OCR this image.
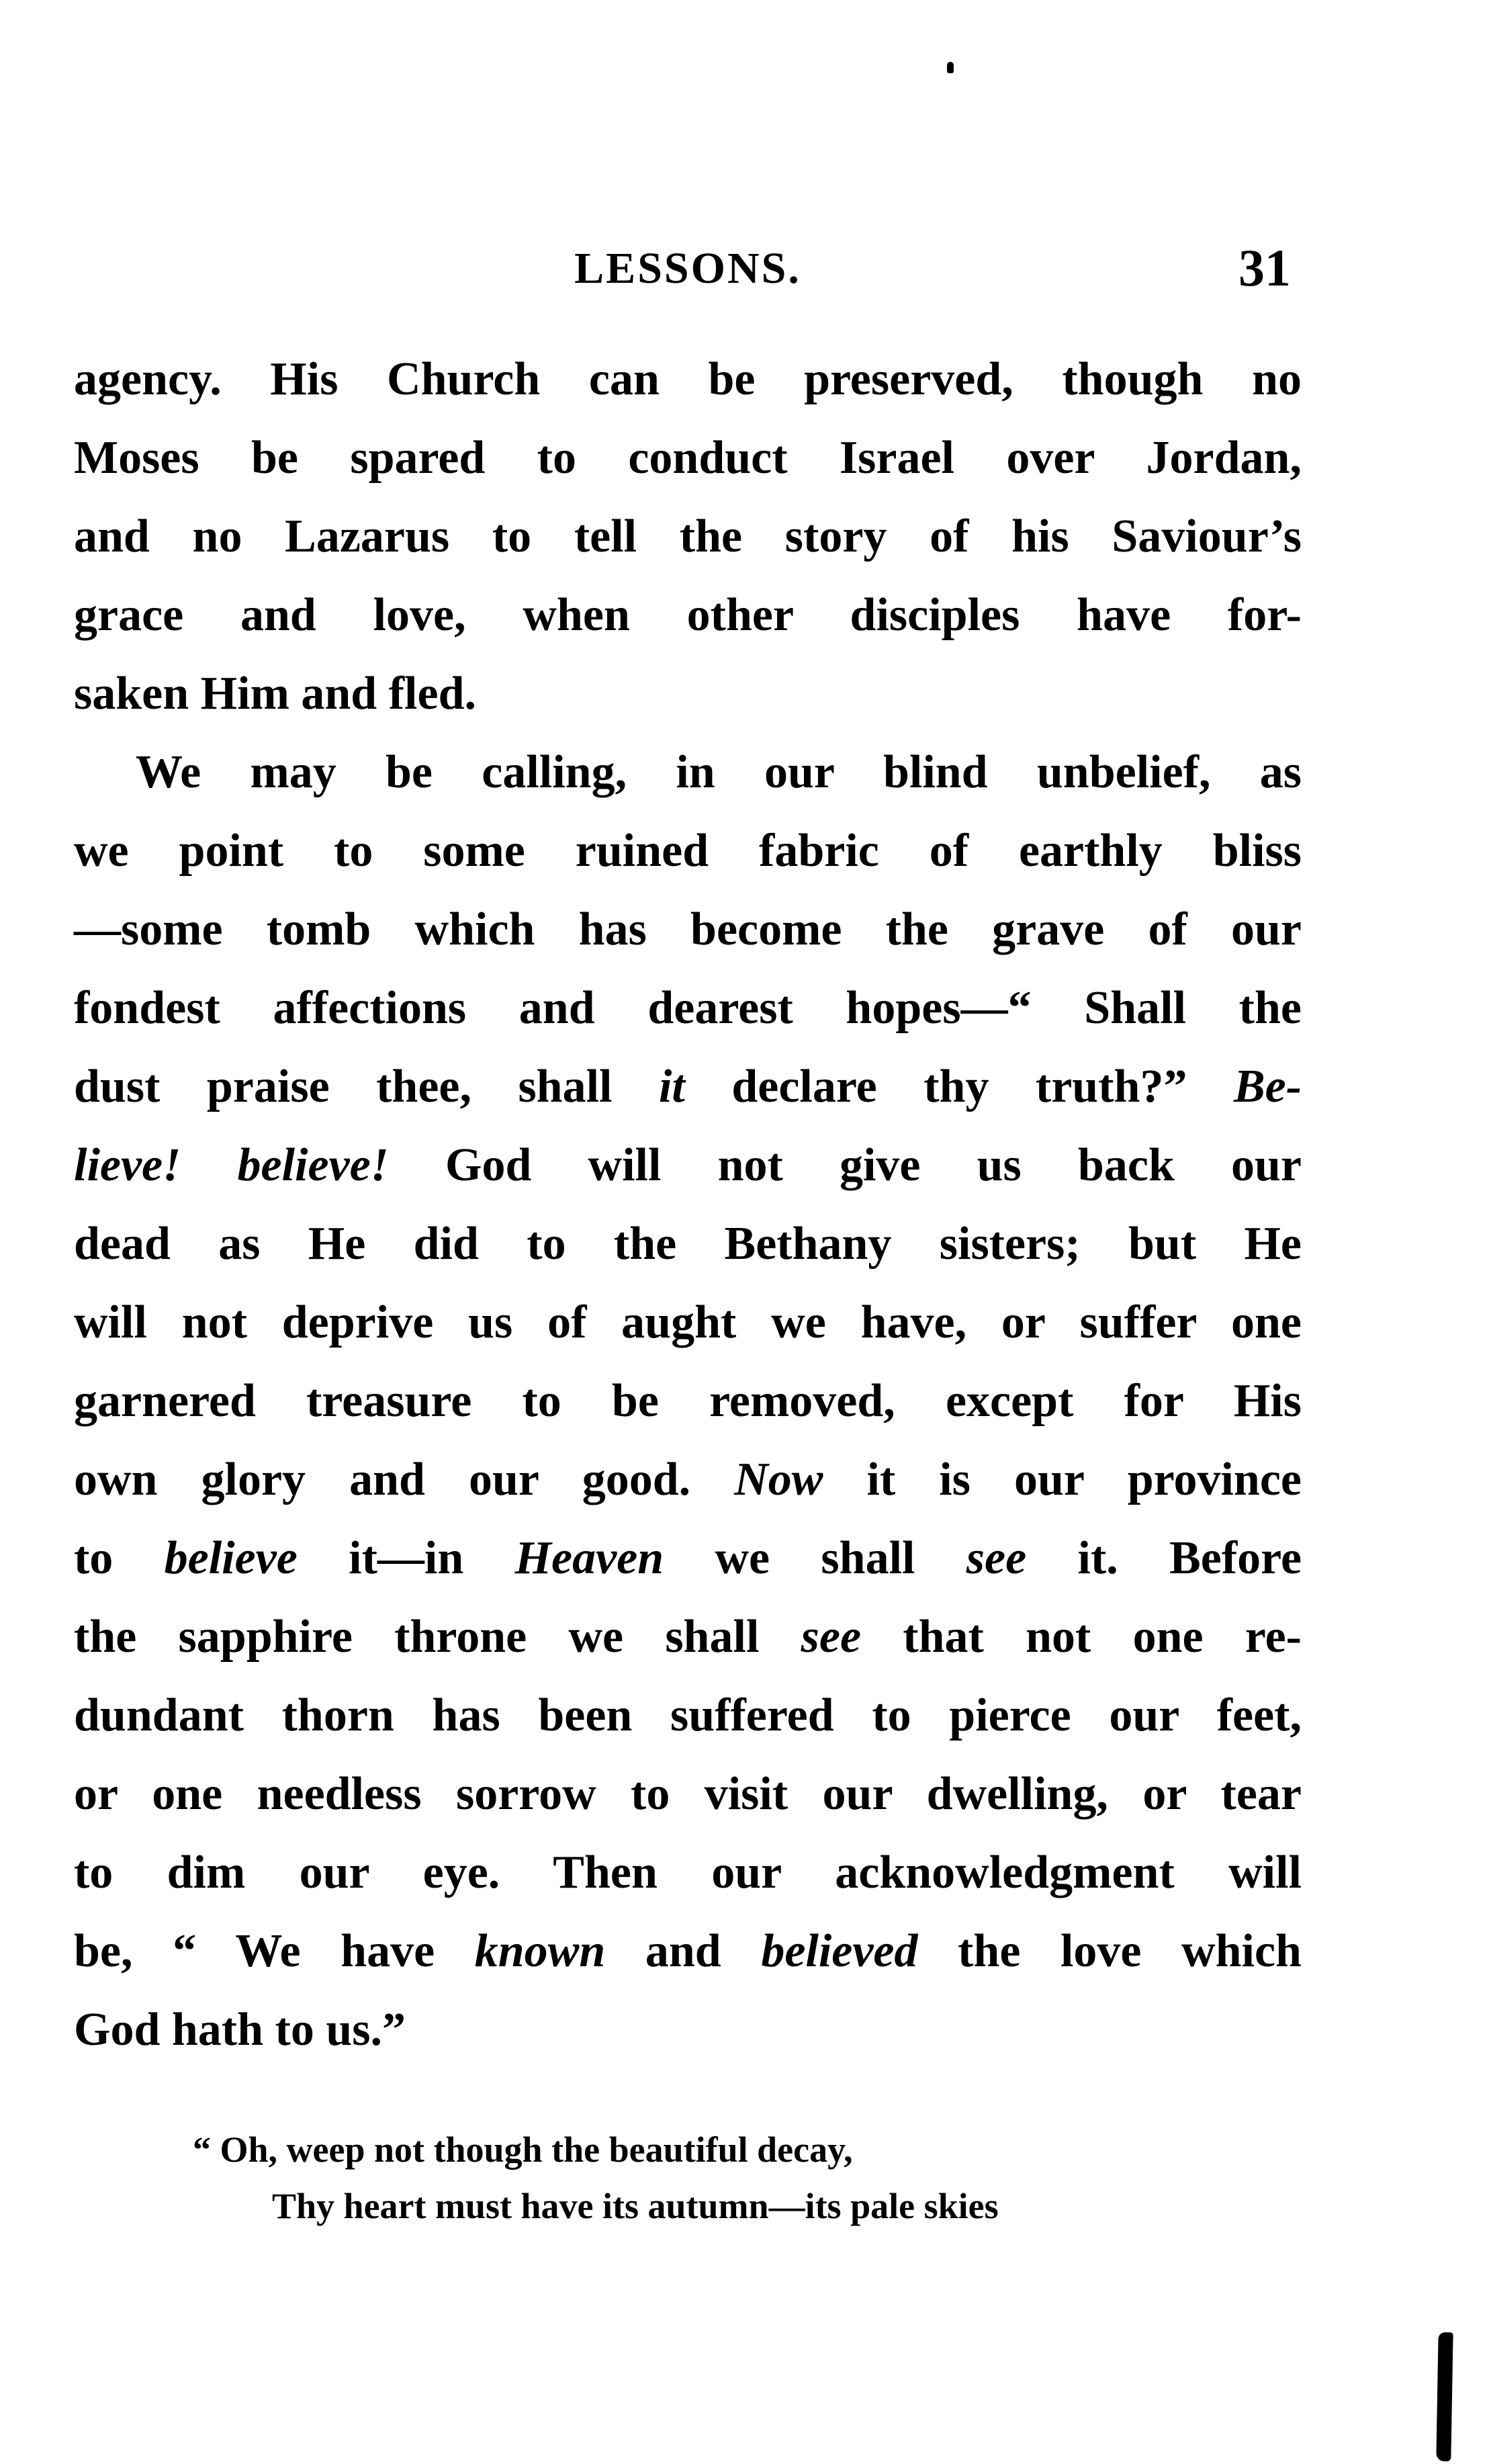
LESSONS.	31
agency. His Church can be preserved, though no
Moses be spared to conduct Israel over Jordan,
and no Lazarus to tell the story of his Saviour’s
grace and love, when other disciples have for-
saken Him and fled.
We may be calling, in our blind unbelief, as
we point to some ruined fabric of earthly bliss
—some tomb which has become the grave of our
fondest affections and dearest hopes—“ Shall the
dust praise thee, shall it declare thy truth?” Be-
lieve! believe! God will not give us back our
dead as He did to the Bethany sisters; but He
will not deprive us of aught we have, or suffer one
garnered treasure to be removed, except for His
own glory and our good. Now it is our province
to believe it—in Heaven we shall see it. Before
the sapphire throne we shall see that not one re-
dundant thorn has been suffered to pierce our feet,
or one needless sorrow to visit our dwelling, or tear
to dim our eye. Then our acknowledgment will
be, “ We have known and believed the love which
God hath to us.”
“ Oh, weep not though the beautiful decay,
Thy heart must have its autumn—its pale skies
